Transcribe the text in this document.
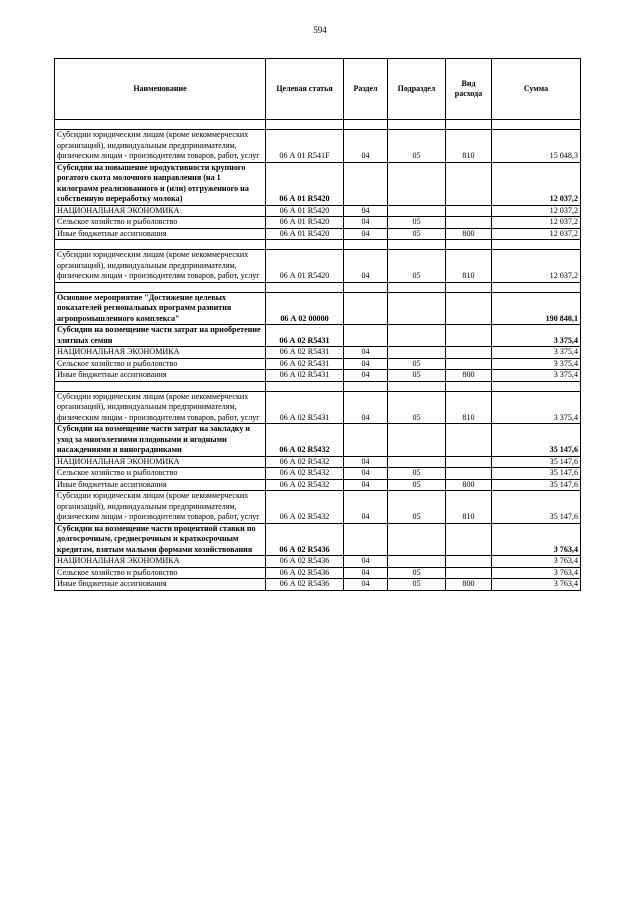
594
Наименование	Целевая статья	Раздел	Подраздел	Вид расхода	Сумма

Субсидии юридическим лицам (кроме некоммерческих организаций), индивидуальным предпринимателям, физическим лицам - производителям товаров, работ, услуг	06 А 01 R541F	04	05	810	15 048,3
Субсидии на повышение продуктивности крупного рогатого скота молочного направления (на 1 килограмм реализованного и (или) отгруженного на собственную переработку молока)	06 А 01 R5420				12 037,2
НАЦИОНАЛЬНАЯ ЭКОНОМИКА	06 А 01 R5420	04			12 037,2
Сельское хозяйство и рыболовство	06 А 01 R5420	04	05		12 037,2
Иные бюджетные ассигнования	06 А 01 R5420	04	05	800	12 037,2

Субсидии юридическим лицам (кроме некоммерческих организаций), индивидуальным предпринимателям, физическим лицам - производителям товаров, работ, услуг	06 А 01 R5420	04	05	810	12 037,2

Основное мероприятие "Достижение целевых показателей региональных программ развития агропромышленного комплекса"	06 А 02 00000				190 840,1
Субсидии на возмещение части затрат на приобретение элитных семян	06 А 02 R5431				3 375,4
НАЦИОНАЛЬНАЯ ЭКОНОМИКА	06 А 02 R5431	04			3 375,4
Сельское хозяйство и рыболовство	06 А 02 R5431	04	05		3 375,4
Иные бюджетные ассигнования	06 А 02 R5431	04	05	800	3 375,4

Субсидии юридическим лицам (кроме некоммерческих организаций), индивидуальным предпринимателям, физическим лицам - производителям товаров, работ, услуг	06 А 02 R5431	04	05	810	3 375,4
Субсидии на возмещение части затрат на закладку и уход за многолетними плодовыми и ягодными насаждениями и виноградниками	06 А 02 R5432				35 147,6
НАЦИОНАЛЬНАЯ ЭКОНОМИКА	06 А 02 R5432	04			35 147,6
Сельское хозяйство и рыболовство	06 А 02 R5432	04	05		35 147,6
Иные бюджетные ассигнования	06 А 02 R5432	04	05	800	35 147,6
Субсидии юридическим лицам (кроме некоммерческих организаций), индивидуальным предпринимателям, физическим лицам - производителям товаров, работ, услуг	06 А 02 R5432	04	05	810	35 147,6
Субсидии на возмещение части процентной ставки по долгосрочным, среднесрочным и краткосрочным кредитам, взятым малыми формами хозяйствования	06 А 02 R5436				3 763,4
НАЦИОНАЛЬНАЯ ЭКОНОМИКА	06 А 02 R5436	04			3 763,4
Сельское хозяйство и рыболовство	06 А 02 R5436	04	05		3 763,4
Иные бюджетные ассигнования	06 А 02 R5436	04	05	800	3 763,4
